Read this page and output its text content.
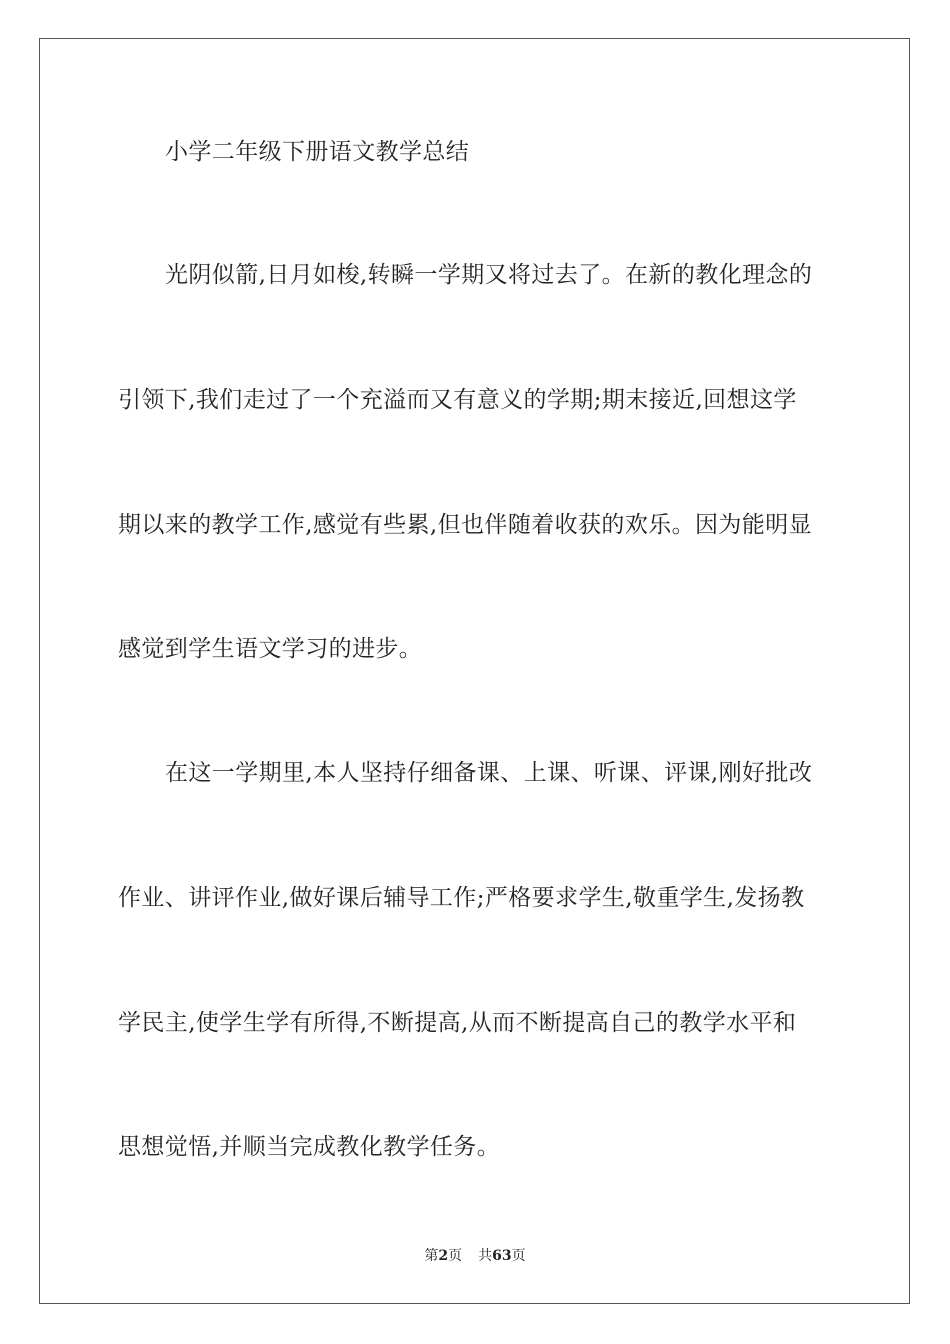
小学二年级下册语文教学总结
光阴似箭,日月如梭,转瞬一学期又将过去了。在新的教化理念的
引领下,我们走过了一个充溢而又有意义的学期;期末接近,回想这学
期以来的教学工作,感觉有些累,但也伴随着收获的欢乐。因为能明显
感觉到学生语文学习的进步。
在这一学期里,本人坚持仔细备课、上课、听课、评课,刚好批改
作业、讲评作业,做好课后辅导工作;严格要求学生,敬重学生,发扬教
学民主,使学生学有所得,不断提高,从而不断提高自己的教学水平和
思想觉悟,并顺当完成教化教学任务。
第2页 共63页
